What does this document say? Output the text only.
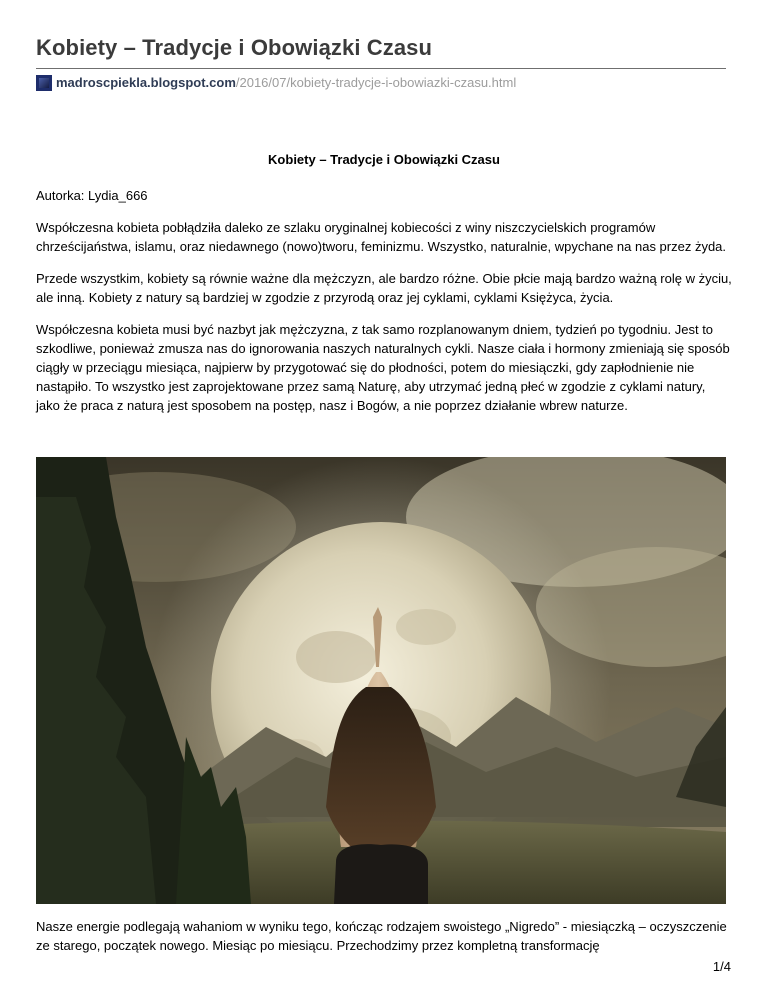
Kobiety – Tradycje i Obowiązki Czasu
madroscpiekla.blogspot.com /2016/07/kobiety-tradycje-i-obowiazki-czasu.html
Kobiety – Tradycje i Obowiązki Czasu

Autorka: Lydia_666

Współczesna kobieta pobłądziła daleko ze szlaku oryginalnej kobiecości z winy niszczycielskich programów chrześcijaństwa, islamu, oraz niedawnego (nowo)tworu, feminizmu. Wszystko, naturalnie, wpychane na nas przez żyda.

Przede wszystkim, kobiety są równie ważne dla mężczyzn, ale bardzo różne. Obie płcie mają bardzo ważną rolę w życiu, ale inną. Kobiety z natury są bardziej w zgodzie z przyrodą oraz jej cyklami, cyklami Księżyca, życia.

Współczesna kobieta musi być nazbyt jak mężczyzna, z tak samo rozplanowanym dniem, tydzień po tygodniu. Jest to szkodliwe, ponieważ zmusza nas do ignorowania naszych naturalnych cykli. Nasze ciała i hormony zmieniają się sposób ciągły w przeciągu miesiąca, najpierw by przygotować się do płodności, potem do miesiączki, gdy zapłodnienie nie nastąpiło. To wszystko jest zaprojektowane przez samą Naturę, aby utrzymać jedną płeć w zgodzie z cyklami natury, jako że praca z naturą jest sposobem na postęp, nasz i Bogów, a nie poprzez działanie wbrew naturze.

Nasze energie podlegają wahaniom w wyniku tego, kończąc rodzajem swoistego „Nigredo” - miesiączką – oczyszczenie ze starego, początek nowego. Miesiąc po miesiącu. Przechodzimy przez kompletną transformację

1/4
